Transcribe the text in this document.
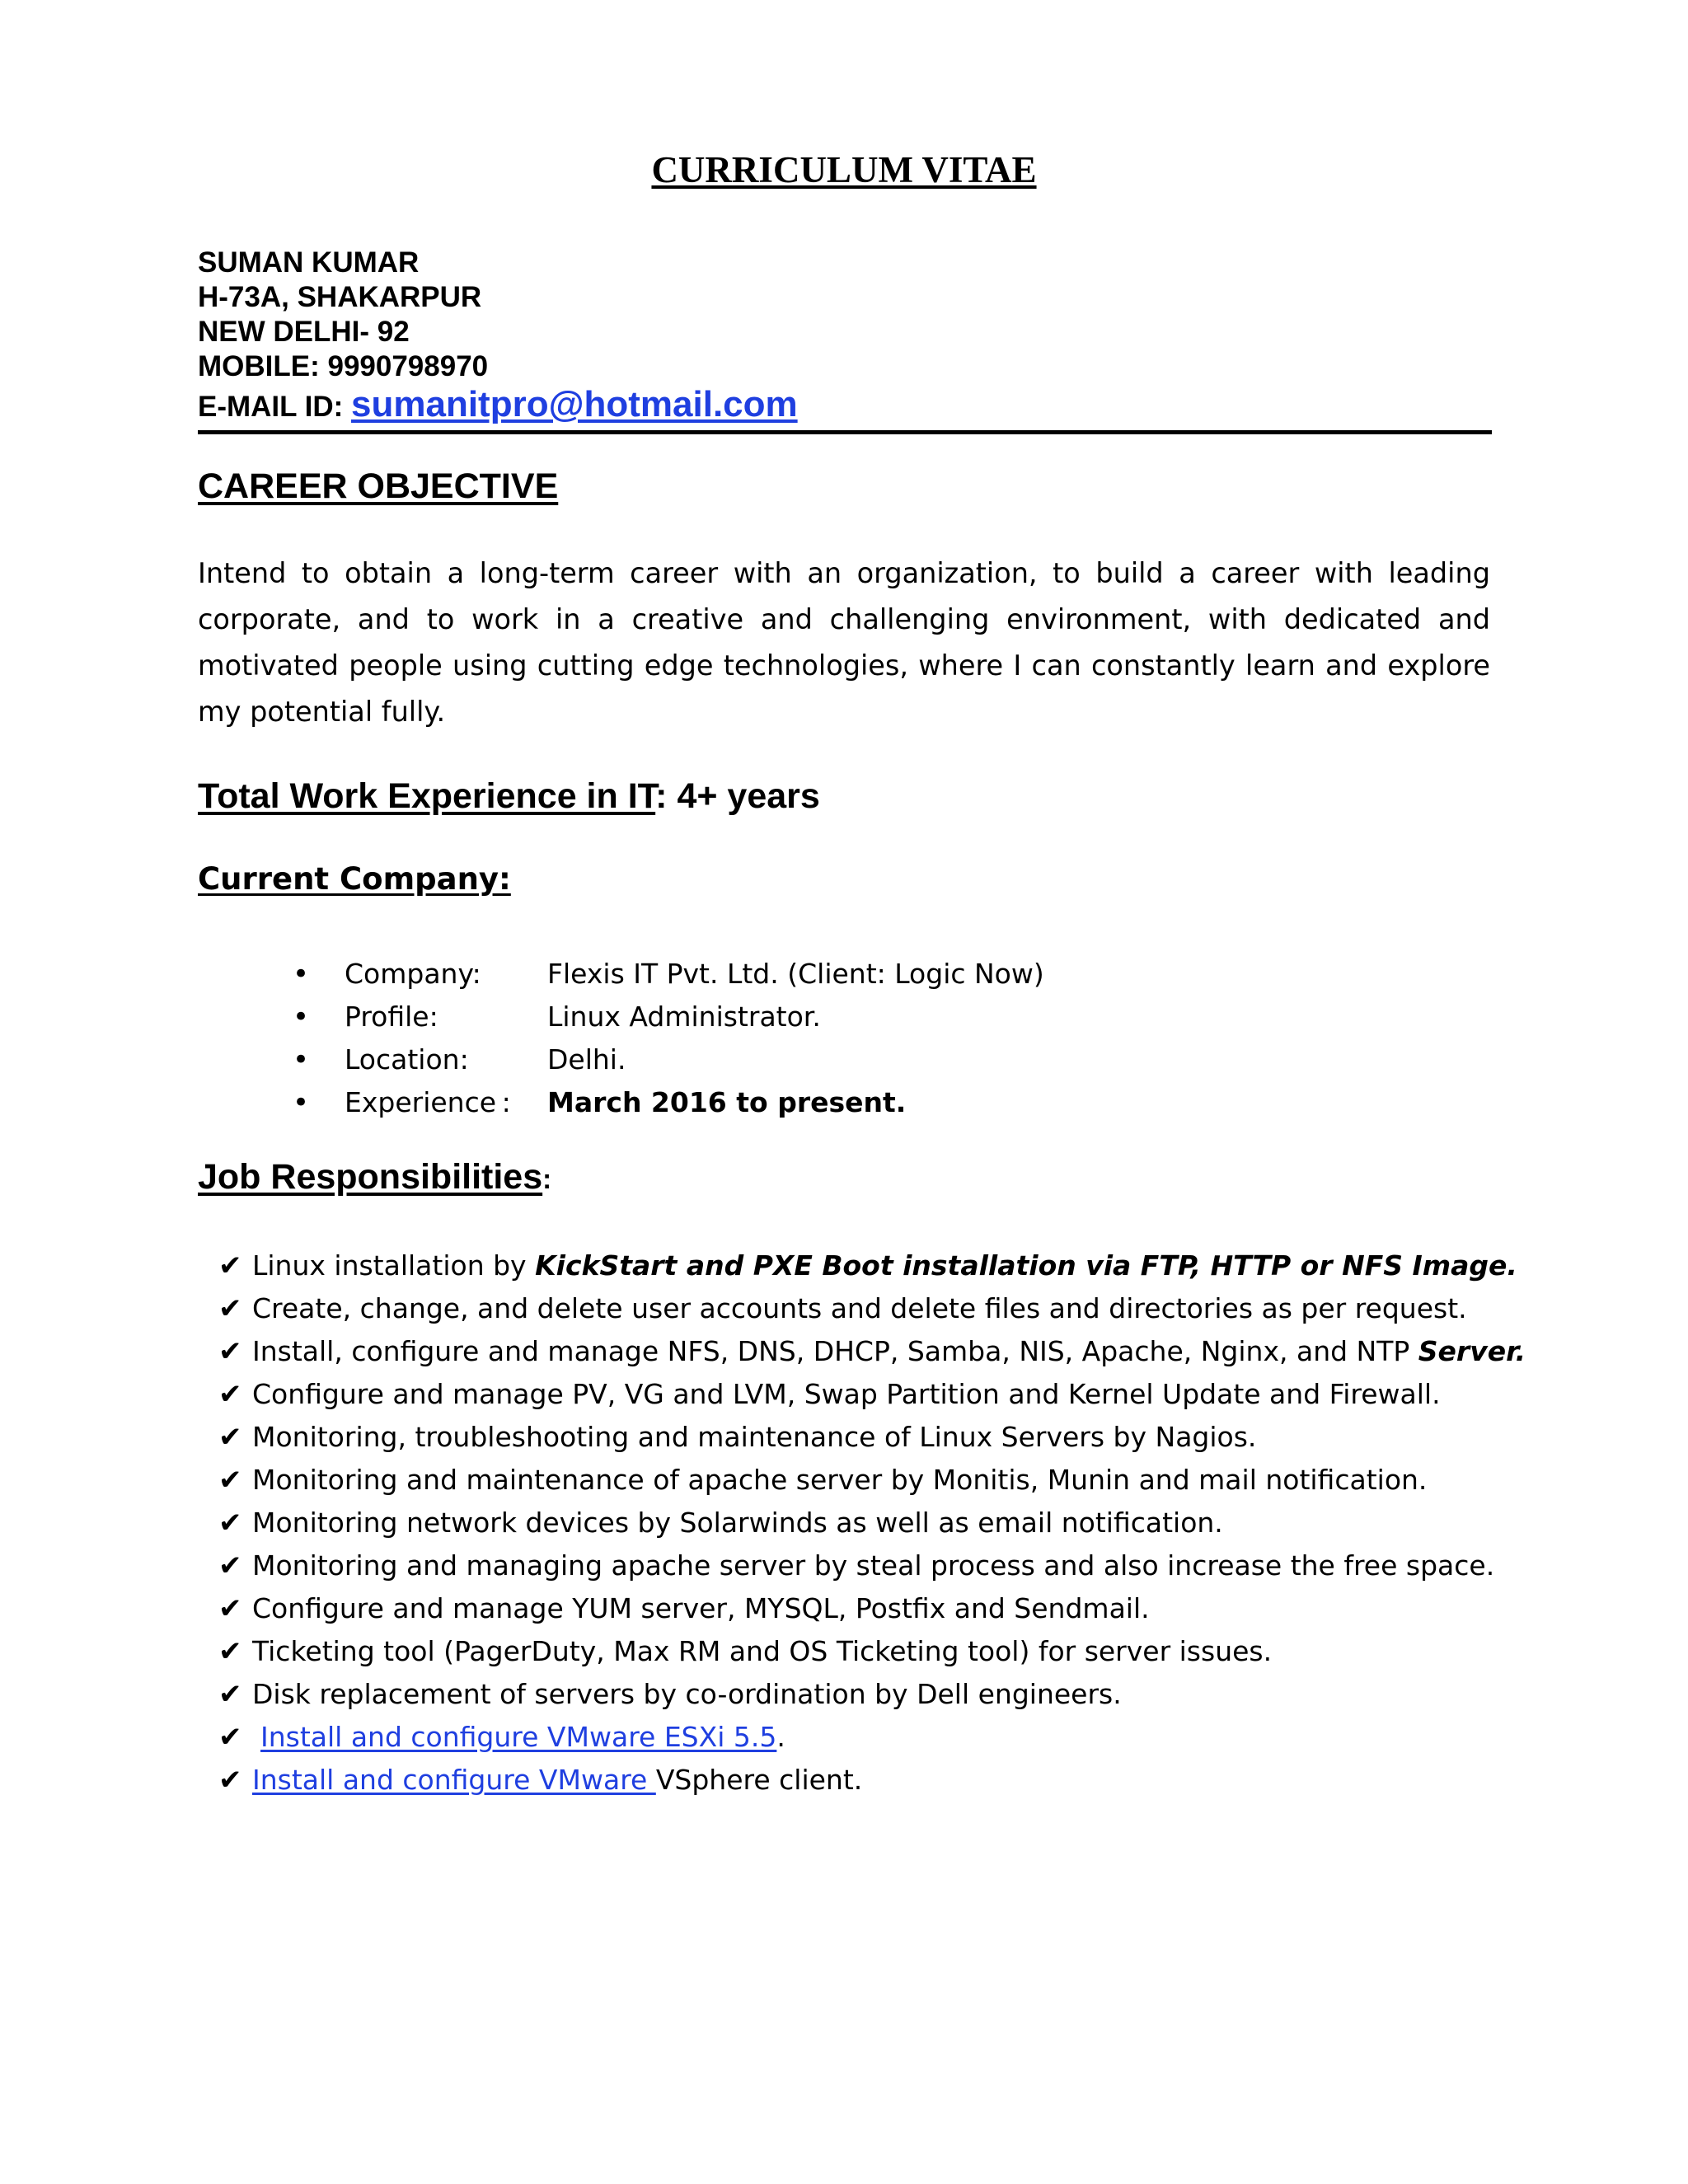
CURRICULUM VITAE
SUMAN KUMAR
H-73A, SHAKARPUR
NEW DELHI- 92
MOBILE: 9990798970
E-MAIL ID: sumanitpro@hotmail.com
CAREER OBJECTIVE
Intend to obtain a long-term career with an organization, to build a career with leading corporate, and to work in a creative and challenging environment, with dedicated and motivated people using cutting edge technologies, where I can constantly learn and explore my potential fully.
Total Work Experience in IT: 4+ years
Current Company:
•	Company:	Flexis IT Pvt. Ltd. (Client: Logic Now)
•	Profile:	Linux Administrator.
•	Location:	Delhi.
•	Experience :	March 2016 to present.
Job Responsibilities:
✔ Linux installation by KickStart and PXE Boot installation via FTP, HTTP or NFS Image.
✔ Create, change, and delete user accounts and delete files and directories as per request.
✔ Install, configure and manage NFS, DNS, DHCP, Samba, NIS, Apache, Nginx, and NTP Server.
✔ Configure and manage PV, VG and LVM, Swap Partition and Kernel Update and Firewall.
✔ Monitoring, troubleshooting and maintenance of Linux Servers by Nagios.
✔ Monitoring and maintenance of apache server by Monitis, Munin and mail notification.
✔ Monitoring network devices by Solarwinds as well as email notification.
✔ Monitoring and managing apache server by steal process and also increase the free space.
✔ Configure and manage YUM server, MYSQL, Postfix and Sendmail.
✔ Ticketing tool (PagerDuty, Max RM and OS Ticketing tool) for server issues.
✔ Disk replacement of servers by co-ordination by Dell engineers.
✔ Install and configure VMware ESXi 5.5.
✔ Install and configure VMware VSphere client.
